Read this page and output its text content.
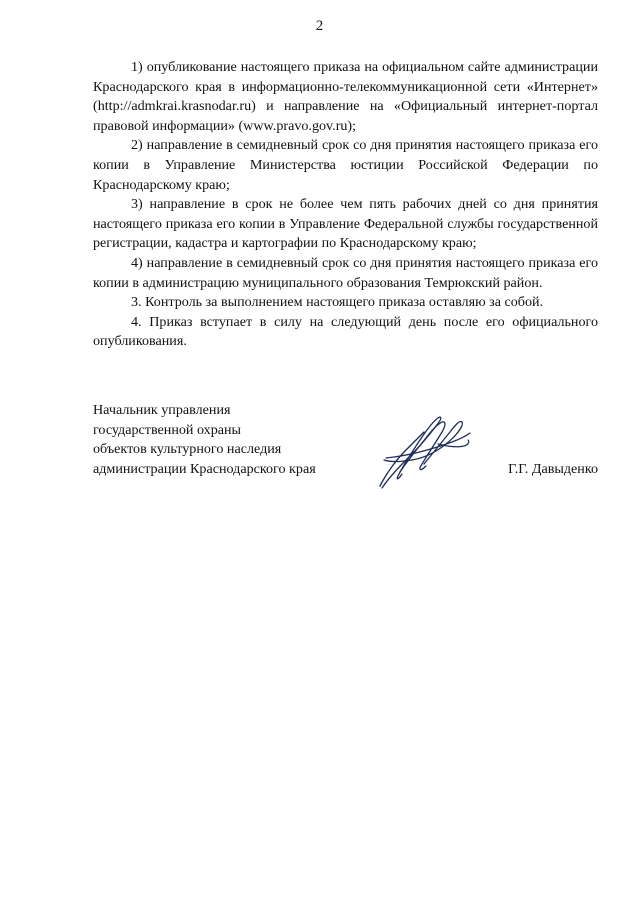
2

1) опубликование настоящего приказа на официальном сайте администрации Краснодарского края в информационно-телекоммуникационной сети «Интернет» (http://admkrai.krasnodar.ru) и направление на «Официальный интернет-портал правовой информации» (www.pravo.gov.ru);

2) направление в семидневный срок со дня принятия настоящего приказа его копии в Управление Министерства юстиции Российской Федерации по Краснодарскому краю;

3) направление в срок не более чем пять рабочих дней со дня принятия настоящего приказа его копии в Управление Федеральной службы государственной регистрации, кадастра и картографии по Краснодарскому краю;

4) направление в семидневный срок со дня принятия настоящего приказа его копии в администрацию муниципального образования Темрюкский район.

3. Контроль за выполнением настоящего приказа оставляю за собой.

4. Приказ вступает в силу на следующий день после его официального опубликования.

Начальник управления
государственной охраны
объектов культурного наследия
администрации Краснодарского края	Г.Г. Давыденко
